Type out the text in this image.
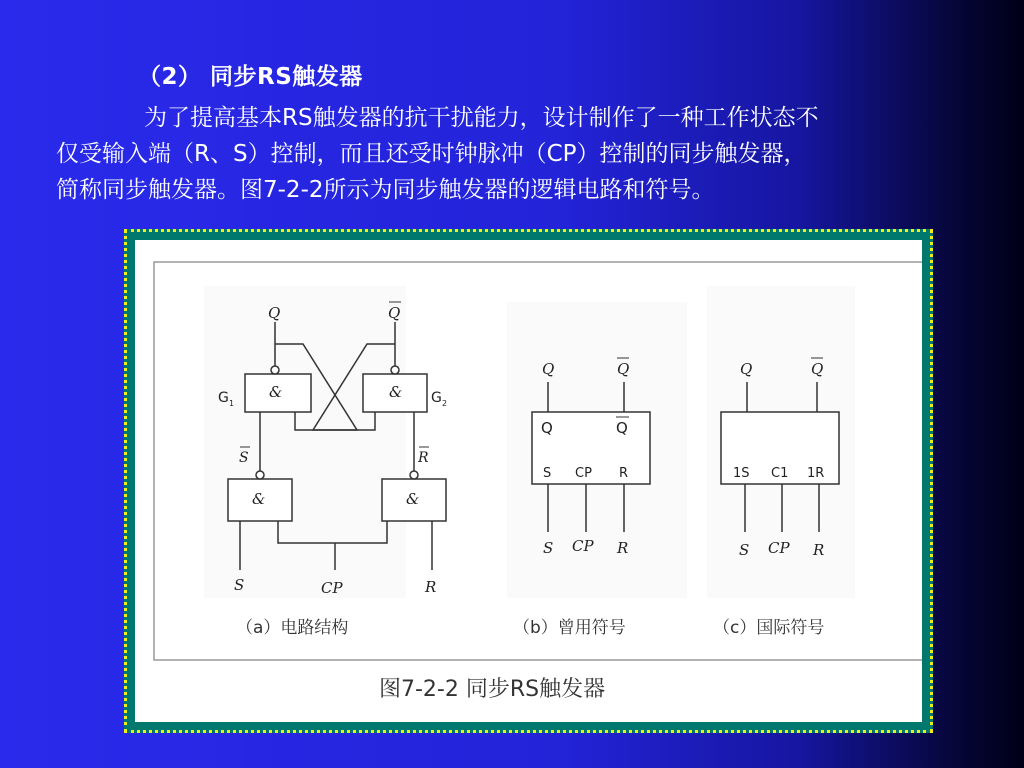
（2） 同步RS触发器
为了提高基本RS触发器的抗干扰能力，设计制作了一种工作状态不
仅受输入端（R、S）控制，而且还受时钟脉冲（CP）控制的同步触发器，
简称同步触发器。图7-2-2所示为同步触发器的逻辑电路和符号。
Q	Q
&	&
G 1	G 2
&	&
S	R
S	CP	R
Q	Q
Q	Q
S CP R
S CP R
Q	Q
1S C1 1R
S CP R
（a）电路结构	（b）曾用符号	（c）国际符号
图7-2-2 同步RS触发器
